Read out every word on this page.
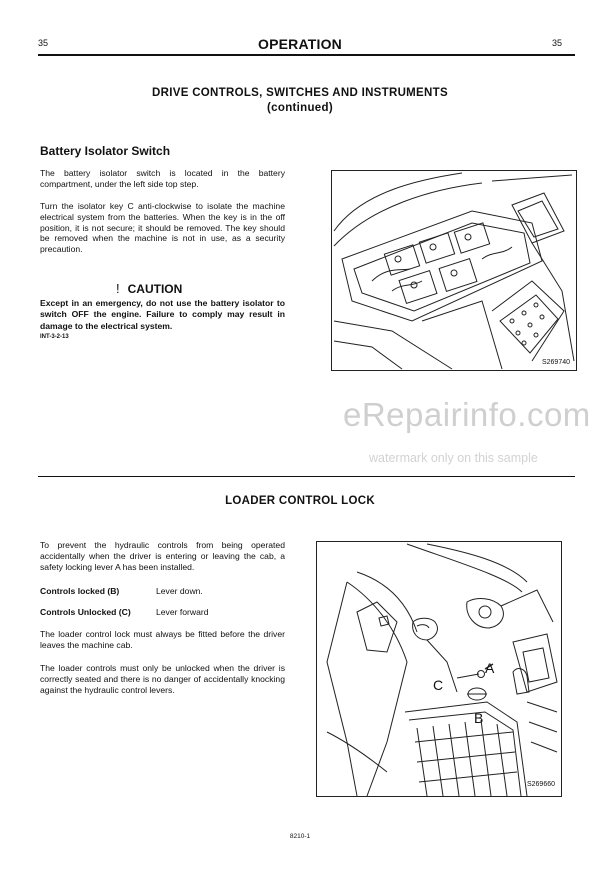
35	OPERATION	35
DRIVE CONTROLS, SWITCHES AND INSTRUMENTS
(continued)
Battery Isolator Switch
The battery isolator switch is located in the battery compartment, under the left side top step.
Turn the isolator key C anti-clockwise to isolate the machine electrical system from the batteries. When the key is in the off position, it is not secure; it should be removed. The key should be removed when the machine is not in use, as a security precaution.
! CAUTION
Except in an emergency, do not use the battery isolator to switch OFF the engine. Failure to comply may result in damage to the electrical system.
INT-3-2-13
S269740
eRepairinfo.com
watermark only on this sample
LOADER CONTROL LOCK
To prevent the hydraulic controls from being operated accidentally when the driver is entering or leaving the cab, a safety locking lever A has been installed.
Controls locked (B)	Lever down.
Controls Unlocked (C)	Lever forward
The loader control lock must always be fitted before the driver leaves the machine cab.
The loader controls must only be unlocked when the driver is correctly seated and there is no danger of accidentally knocking against the hydraulic control levers.
A
C
B
S269660
8210-1
